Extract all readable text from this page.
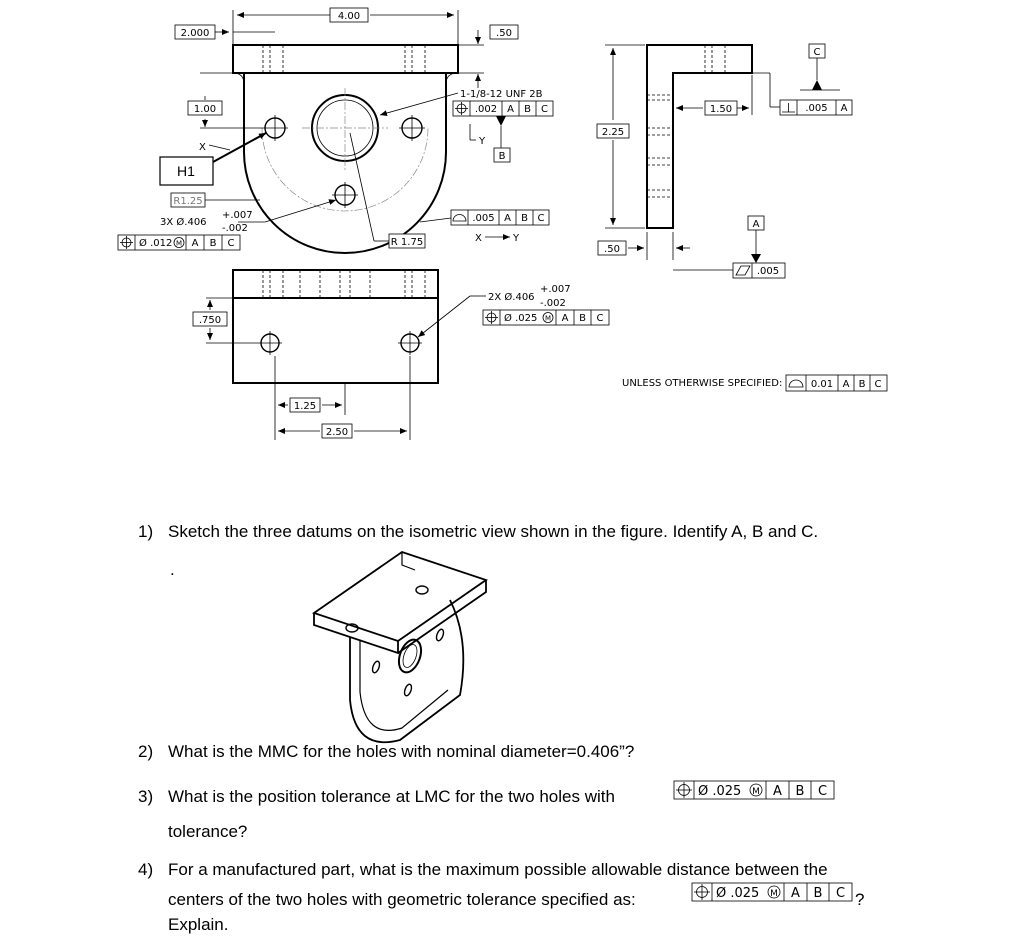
4.00
2.000	.50
1.00
X
H1
R1.25
3X Ø.406
+.007
-.002
Ø .012 M A B C	R 1.75
1-1/8-12 UNF 2B
.002 A B C
B
Y
.005 A B C
X	Y
.750
1.25
2.50
2X Ø.406
+.007
-.002
Ø .025 M A B C
2.25
1.50	.005 A
C
.50
A
.005
UNLESS OTHERWISE SPECIFIED:	0.01 A B C
1) Sketch the three datums on the isometric view shown in the figure. Identify A, B and C.
.
2) What is the MMC for the holes with nominal diameter=0.406”?
3) What is the position tolerance at LMC for the two holes with	Ø .025 M A B C
tolerance?
4) For a manufactured part, what is the maximum possible allowable distance between the
centers of the two holes with geometric tolerance specified as:	Ø .025 M A B C ?
Explain.
